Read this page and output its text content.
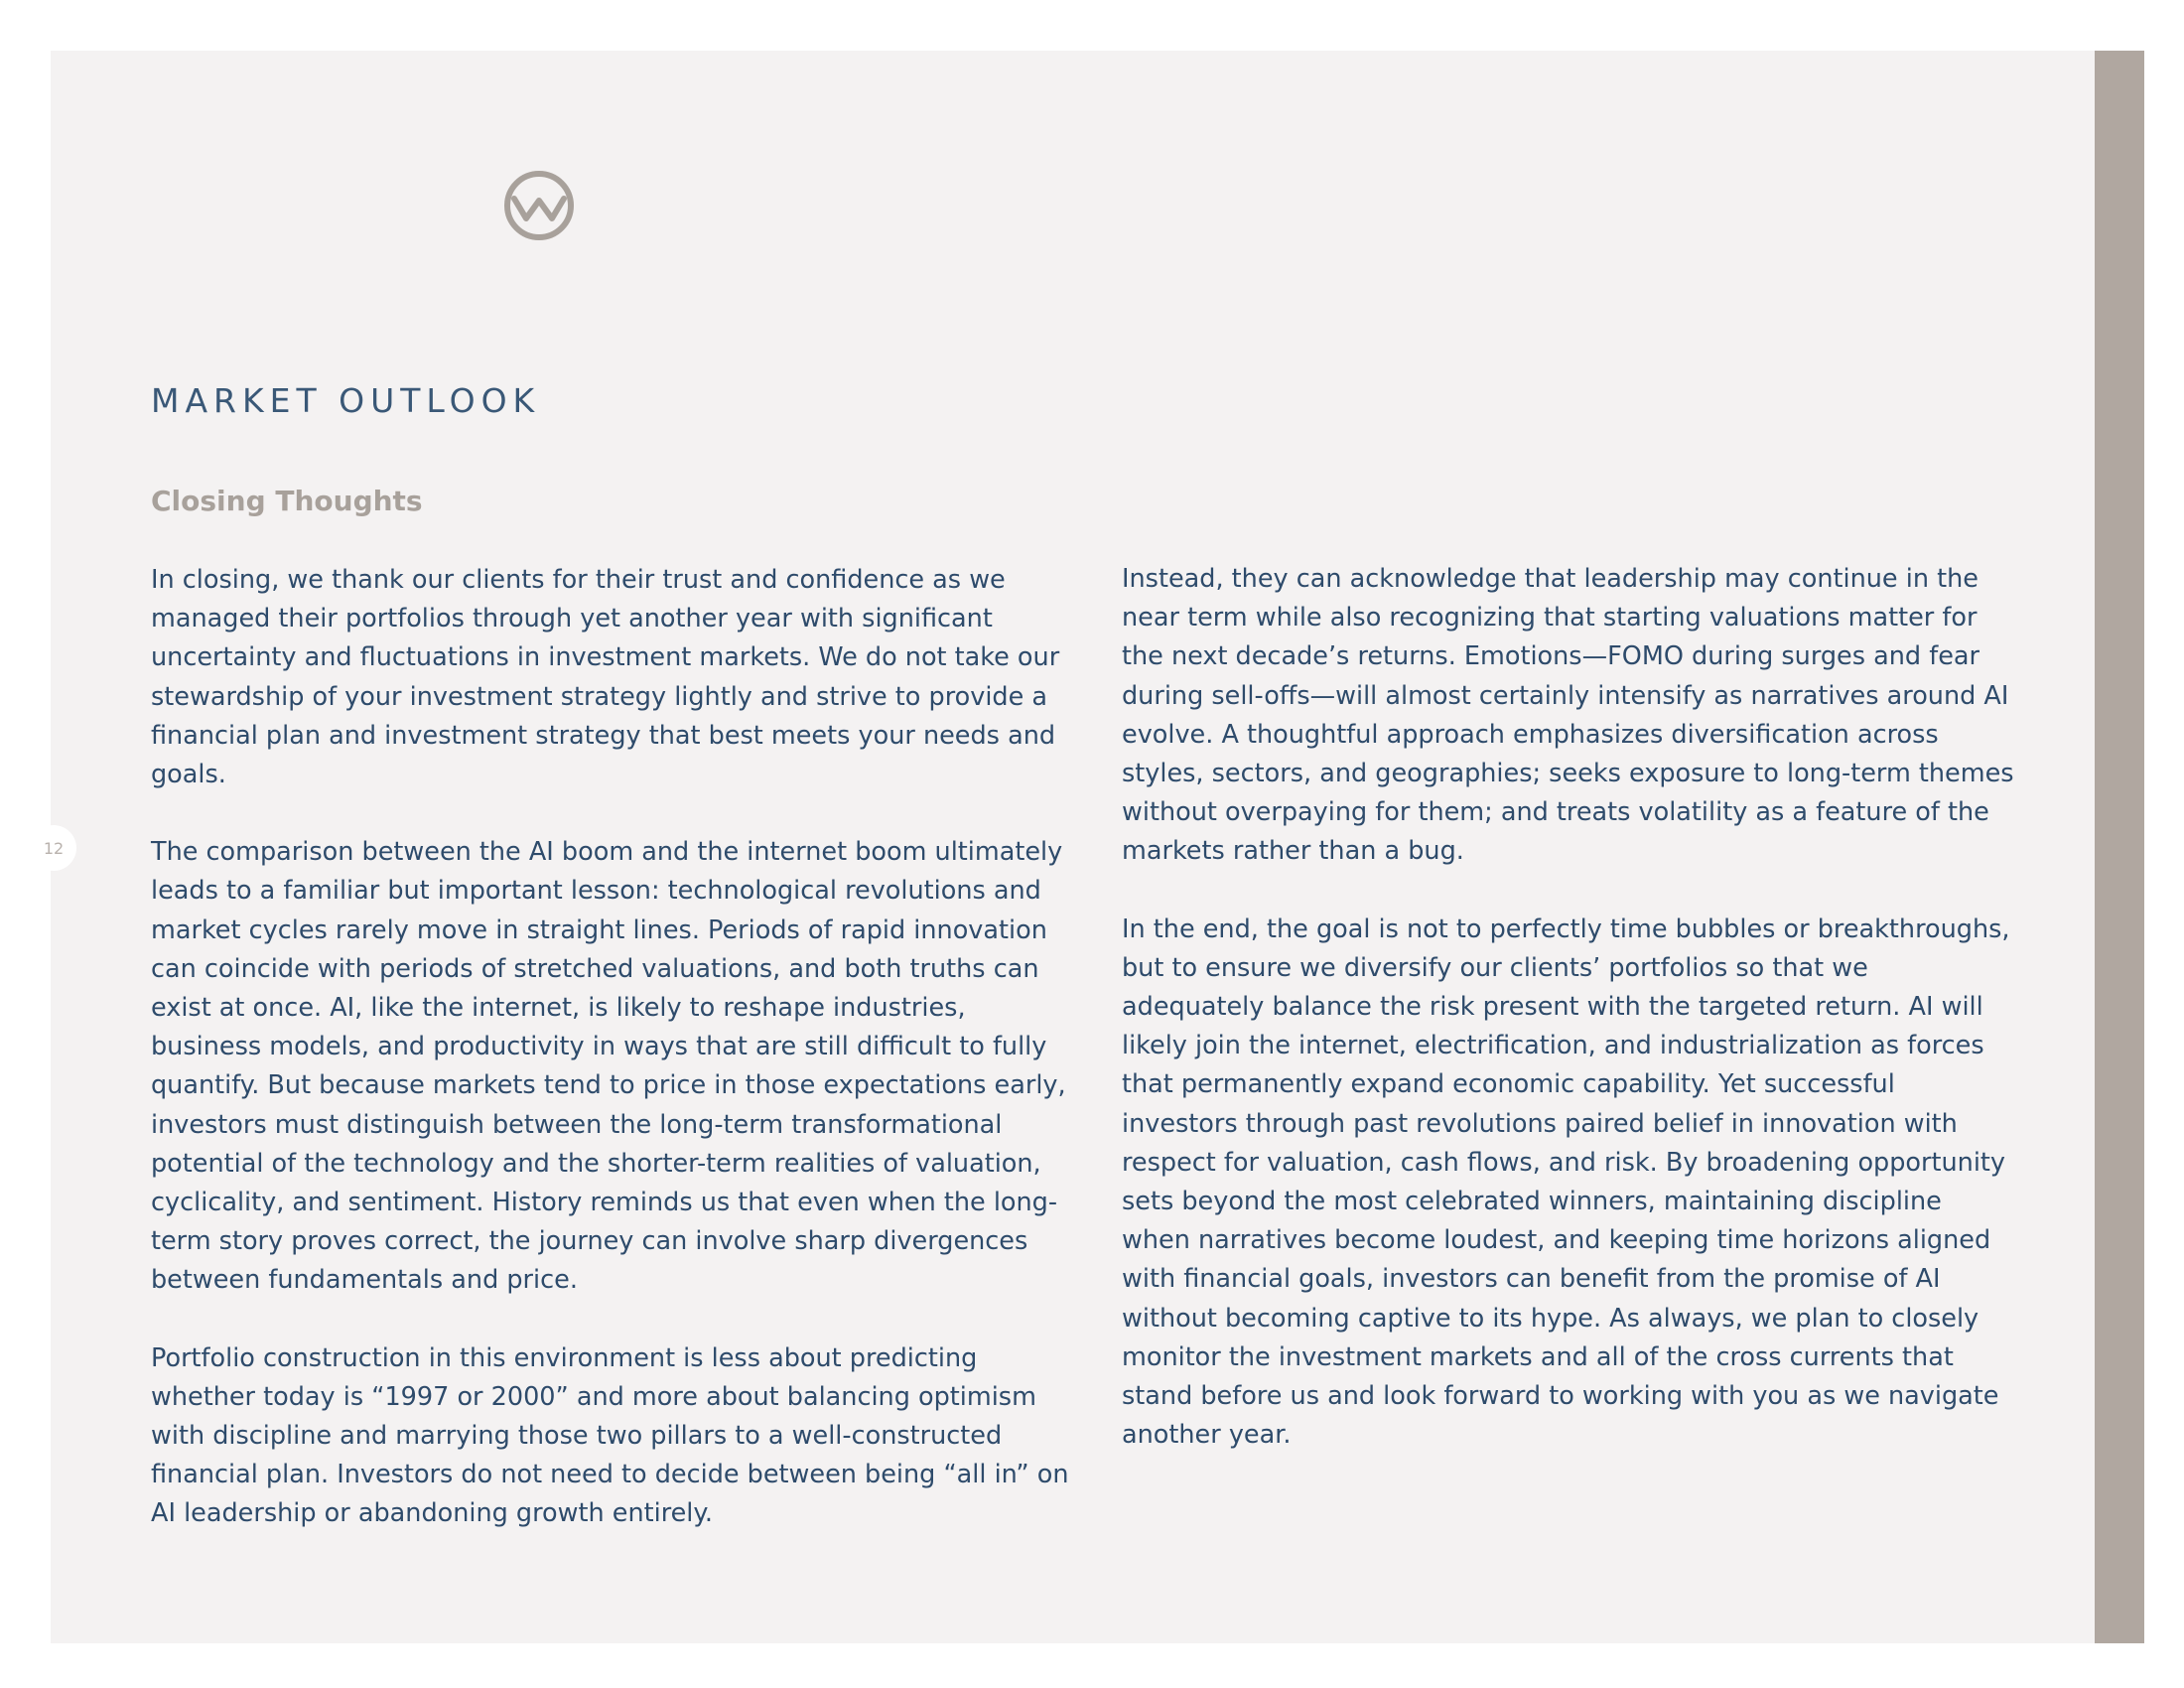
12
MARKET OUTLOOK
Closing Thoughts

In closing, we thank our clients for their trust and confidence as we managed their portfolios through yet another year with significant uncertainty and fluctuations in investment markets. We do not take our stewardship of your investment strategy lightly and strive to provide a financial plan and investment strategy that best meets your needs and goals.

The comparison between the AI boom and the internet boom ultimately leads to a familiar but important lesson: technological revolutions and market cycles rarely move in straight lines. Periods of rapid innovation can coincide with periods of stretched valuations, and both truths can exist at once. AI, like the internet, is likely to reshape industries, business models, and productivity in ways that are still difficult to fully quantify. But because markets tend to price in those expectations early, investors must distinguish between the long-term transformational potential of the technology and the shorter-term realities of valuation, cyclicality, and sentiment. History reminds us that even when the long-term story proves correct, the journey can involve sharp divergences between fundamentals and price.

Portfolio construction in this environment is less about predicting whether today is “1997 or 2000” and more about balancing optimism with discipline and marrying those two pillars to a well-constructed financial plan. Investors do not need to decide between being “all in” on AI leadership or abandoning growth entirely.

Instead, they can acknowledge that leadership may continue in the near term while also recognizing that starting valuations matter for the next decade’s returns. Emotions—FOMO during surges and fear during sell-offs—will almost certainly intensify as narratives around AI evolve. A thoughtful approach emphasizes diversification across styles, sectors, and geographies; seeks exposure to long-term themes without overpaying for them; and treats volatility as a feature of the markets rather than a bug.

In the end, the goal is not to perfectly time bubbles or breakthroughs, but to ensure we diversify our clients’ portfolios so that we adequately balance the risk present with the targeted return. AI will likely join the internet, electrification, and industrialization as forces that permanently expand economic capability. Yet successful investors through past revolutions paired belief in innovation with respect for valuation, cash flows, and risk. By broadening opportunity sets beyond the most celebrated winners, maintaining discipline when narratives become loudest, and keeping time horizons aligned with financial goals, investors can benefit from the promise of AI without becoming captive to its hype. As always, we plan to closely monitor the investment markets and all of the cross currents that stand before us and look forward to working with you as we navigate another year.
